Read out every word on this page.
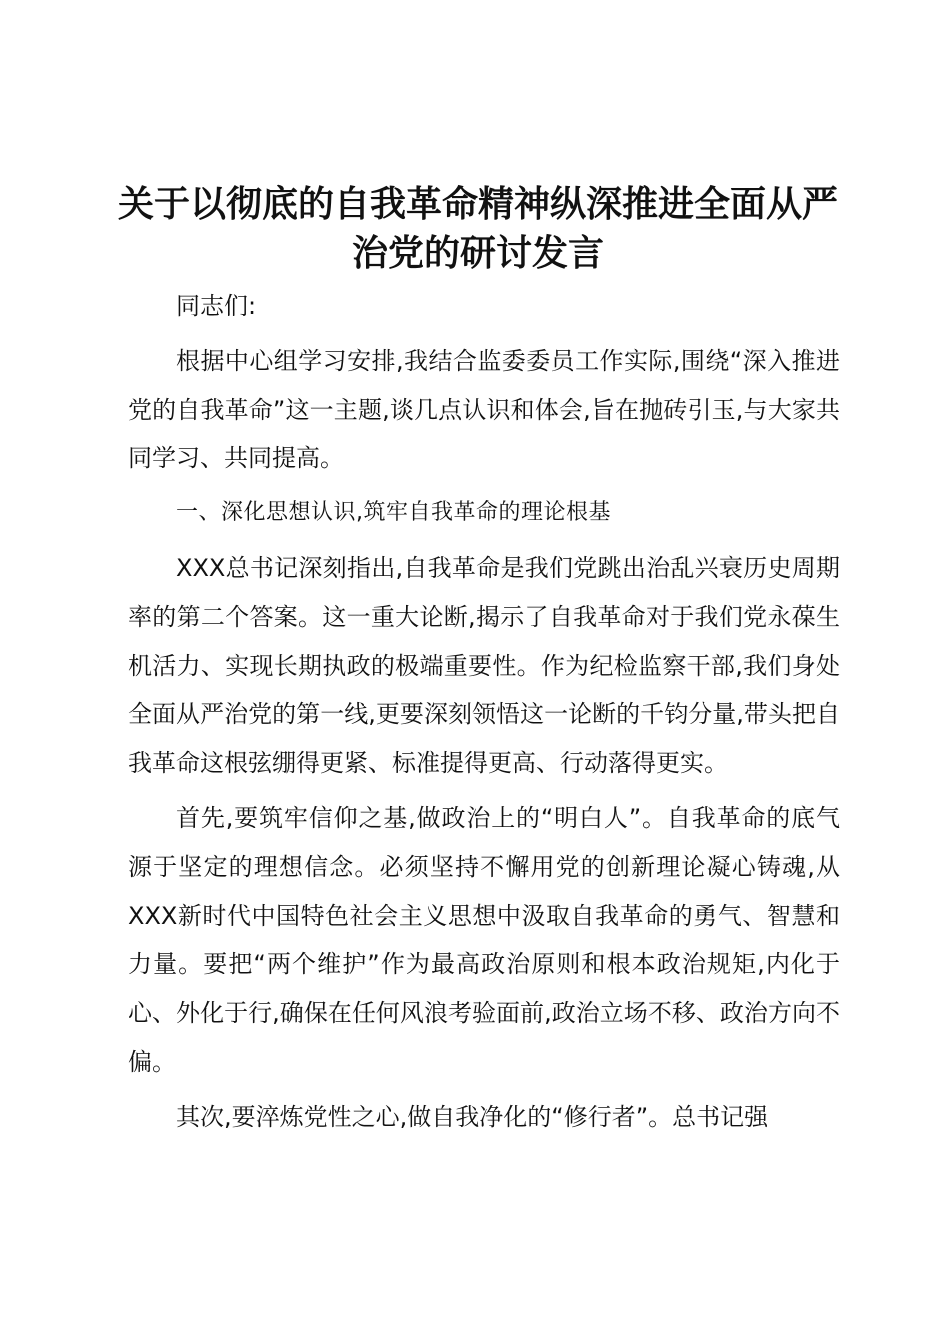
关于以彻底的自我革命精神纵深推进全面从严治党的研讨发言

同志们:

根据中心组学习安排,我结合监委委员工作实际,围绕“深入推进党的自我革命”这一主题,谈几点认识和体会,旨在抛砖引玉,与大家共同学习、共同提高。

一、深化思想认识,筑牢自我革命的理论根基

XXX总书记深刻指出,自我革命是我们党跳出治乱兴衰历史周期率的第二个答案。这一重大论断,揭示了自我革命对于我们党永葆生机活力、实现长期执政的极端重要性。作为纪检监察干部,我们身处全面从严治党的第一线,更要深刻领悟这一论断的千钧分量,带头把自我革命这根弦绷得更紧、标准提得更高、行动落得更实。

首先,要筑牢信仰之基,做政治上的“明白人”。自我革命的底气源于坚定的理想信念。必须坚持不懈用党的创新理论凝心铸魂,从XXX新时代中国特色社会主义思想中汲取自我革命的勇气、智慧和力量。要把“两个维护”作为最高政治原则和根本政治规矩,内化于心、外化于行,确保在任何风浪考验面前,政治立场不移、政治方向不偏。

其次,要淬炼党性之心,做自我净化的“修行者”。总书记强
